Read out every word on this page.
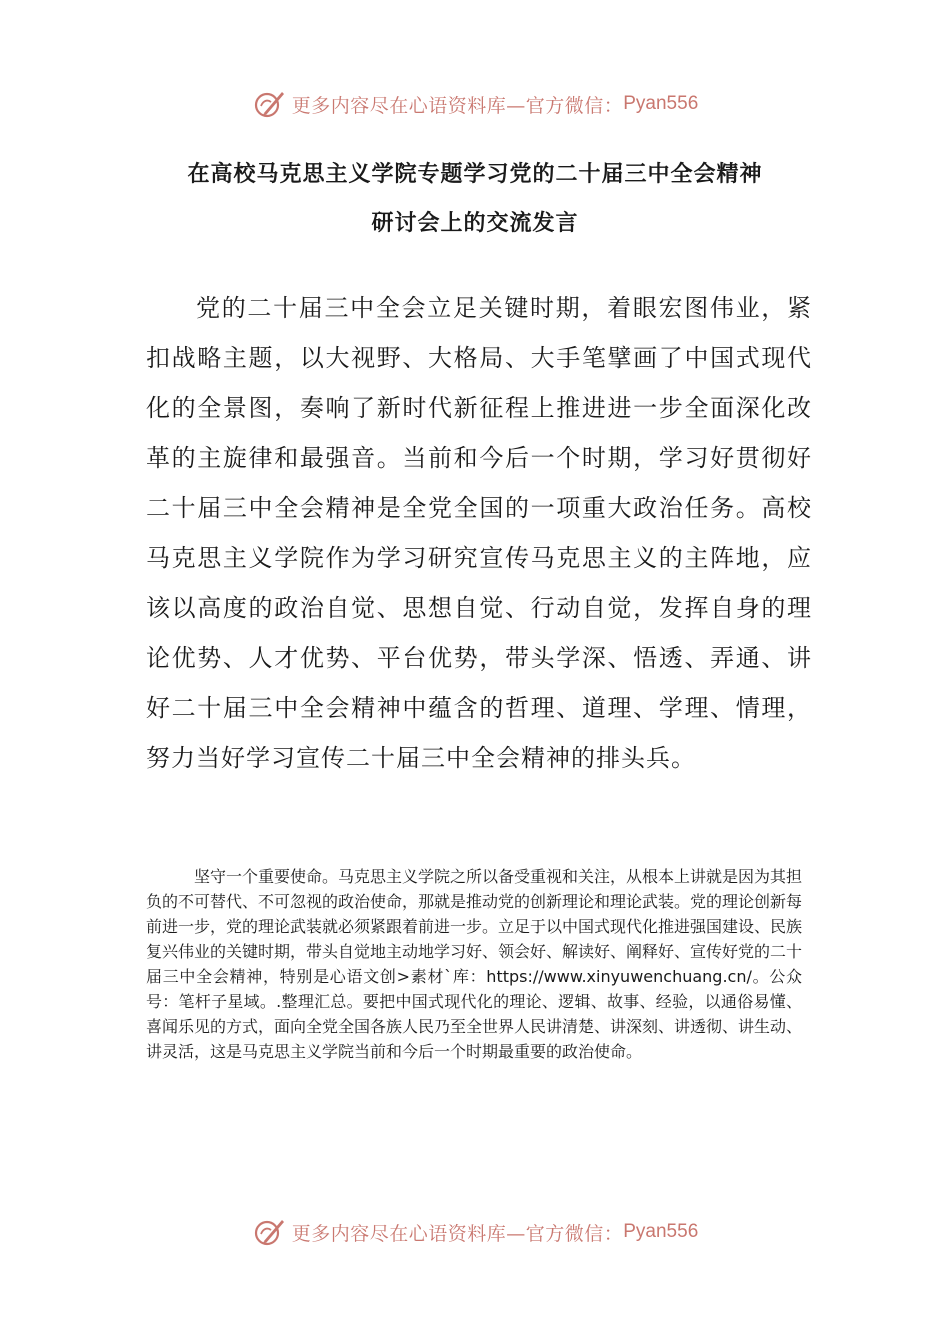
更多内容尽在心语资料库—官方微信： Pyan556
在高校马克思主义学院专题学习党的二十届三中全会精神
研讨会上的交流发言

党的二十届三中全会立足关键时期，着眼宏图伟业，紧扣战略主题，以大视野、大格局、大手笔擘画了中国式现代化的全景图，奏响了新时代新征程上推进进一步全面深化改革的主旋律和最强音。当前和今后一个时期，学习好贯彻好二十届三中全会精神是全党全国的一项重大政治任务。高校马克思主义学院作为学习研究宣传马克思主义的主阵地，应该以高度的政治自觉、思想自觉、行动自觉，发挥自身的理论优势、人才优势、平台优势，带头学深、悟透、弄通、讲好二十届三中全会精神中蕴含的哲理、道理、学理、情理，努力当好学习宣传二十届三中全会精神的排头兵。

坚守一个重要使命。马克思主义学院之所以备受重视和关注，从根本上讲就是因为其担负的不可替代、不可忽视的政治使命，那就是推动党的创新理论和理论武装。党的理论创新每前进一步，党的理论武装就必须紧跟着前进一步。立足于以中国式现代化推进强国建设、民族复兴伟业的关键时期，带头自觉地主动地学习好、领会好、解读好、阐释好、宣传好党的二十届三中全会精神，特别是心语文创>素材`库：https://www.xinyuwenchuang.cn/。公众号：笔杆子星域。.整理汇总。要把中国式现代化的理论、逻辑、故事、经验，以通俗易懂、喜闻乐见的方式，面向全党全国各族人民乃至全世界人民讲清楚、讲深刻、讲透彻、讲生动、讲灵活，这是马克思主义学院当前和今后一个时期最重要的政治使命。

更多内容尽在心语资料库—官方微信： Pyan556
